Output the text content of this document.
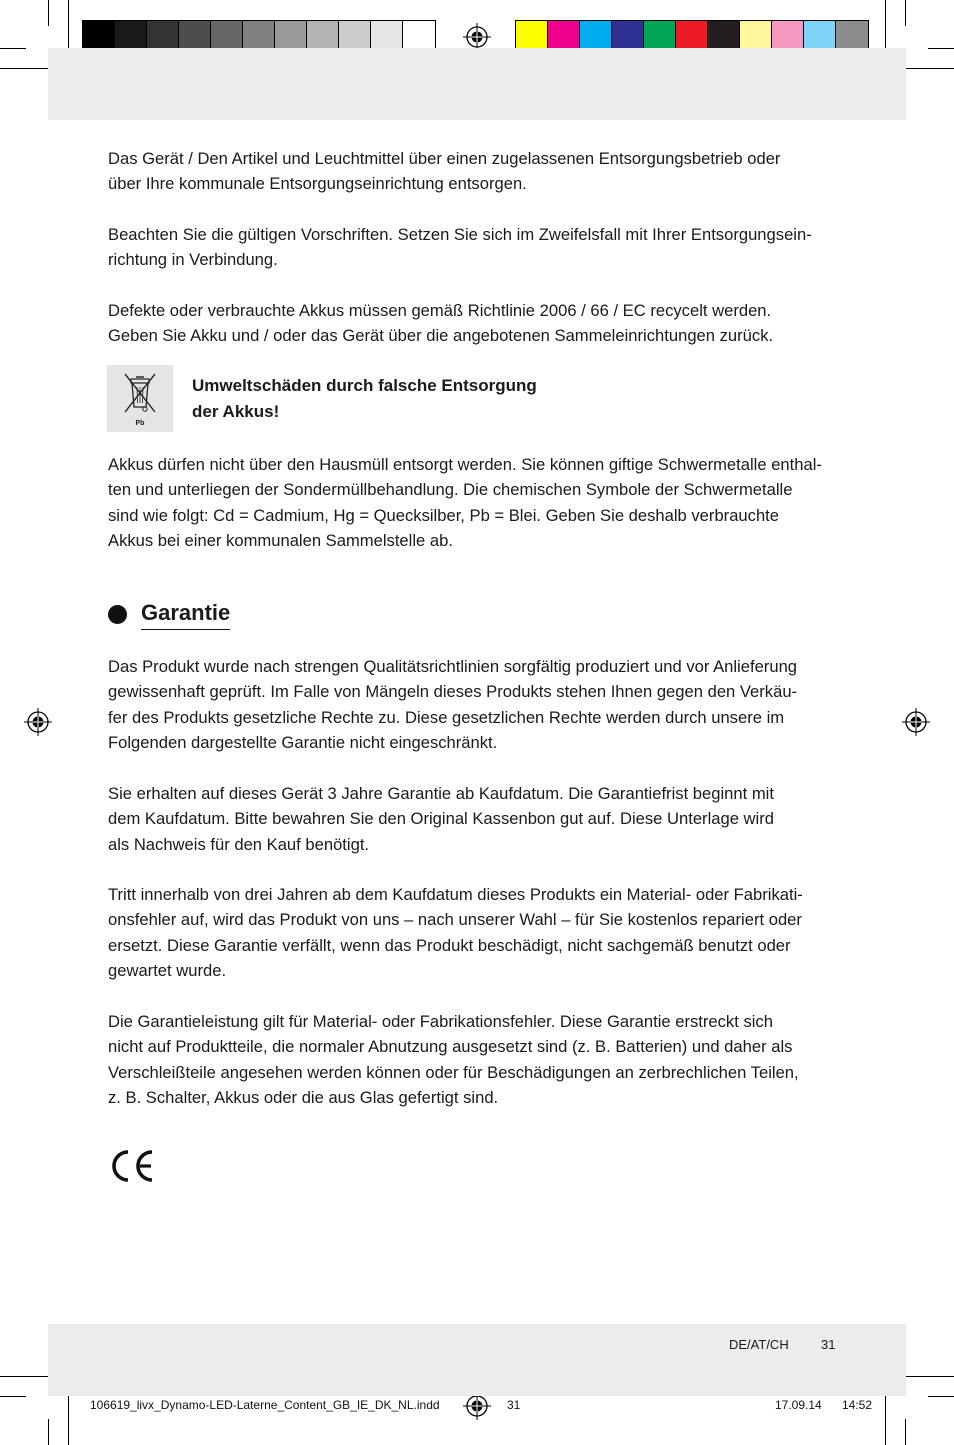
Das Gerät / Den Artikel und Leuchtmittel über einen zugelassenen Entsorgungsbetrieb oder
über Ihre kommunale Entsorgungseinrichtung entsorgen.

Beachten Sie die gültigen Vorschriften. Setzen Sie sich im Zweifelsfall mit Ihrer Entsorgungsein-
richtung in Verbindung.

Defekte oder verbrauchte Akkus müssen gemäß Richtlinie 2006 / 66 / EC recycelt werden.
Geben Sie Akku und / oder das Gerät über die angebotenen Sammeleinrichtungen zurück.

Pb
Umweltschäden durch falsche Entsorgung
der Akkus!

Akkus dürfen nicht über den Hausmüll entsorgt werden. Sie können giftige Schwermetalle enthal-
ten und unterliegen der Sondermüllbehandlung. Die chemischen Symbole der Schwermetalle
sind wie folgt: Cd = Cadmium, Hg = Quecksilber, Pb = Blei. Geben Sie deshalb verbrauchte
Akkus bei einer kommunalen Sammelstelle ab.

Garantie

Das Produkt wurde nach strengen Qualitätsrichtlinien sorgfältig produziert und vor Anlieferung
gewissenhaft geprüft. Im Falle von Mängeln dieses Produkts stehen Ihnen gegen den Verkäu-
fer des Produkts gesetzliche Rechte zu. Diese gesetzlichen Rechte werden durch unsere im
Folgenden dargestellte Garantie nicht eingeschränkt.

Sie erhalten auf dieses Gerät 3 Jahre Garantie ab Kaufdatum. Die Garantiefrist beginnt mit
dem Kaufdatum. Bitte bewahren Sie den Original Kassenbon gut auf. Diese Unterlage wird
als Nachweis für den Kauf benötigt.

Tritt innerhalb von drei Jahren ab dem Kaufdatum dieses Produkts ein Material- oder Fabrikati-
onsfehler auf, wird das Produkt von uns – nach unserer Wahl – für Sie kostenlos repariert oder
ersetzt. Diese Garantie verfällt, wenn das Produkt beschädigt, nicht sachgemäß benutzt oder
gewartet wurde.

Die Garantieleistung gilt für Material- oder Fabrikationsfehler. Diese Garantie erstreckt sich
nicht auf Produktteile, die normaler Abnutzung ausgesetzt sind (z. B. Batterien) und daher als
Verschleißteile angesehen werden können oder für Beschädigungen an zerbrechlichen Teilen,
z. B. Schalter, Akkus oder die aus Glas gefertigt sind.

DE/AT/CH 31
106619_livx_Dynamo-LED-Laterne_Content_GB_IE_DK_NL.indd	31	17.09.14 14:52
